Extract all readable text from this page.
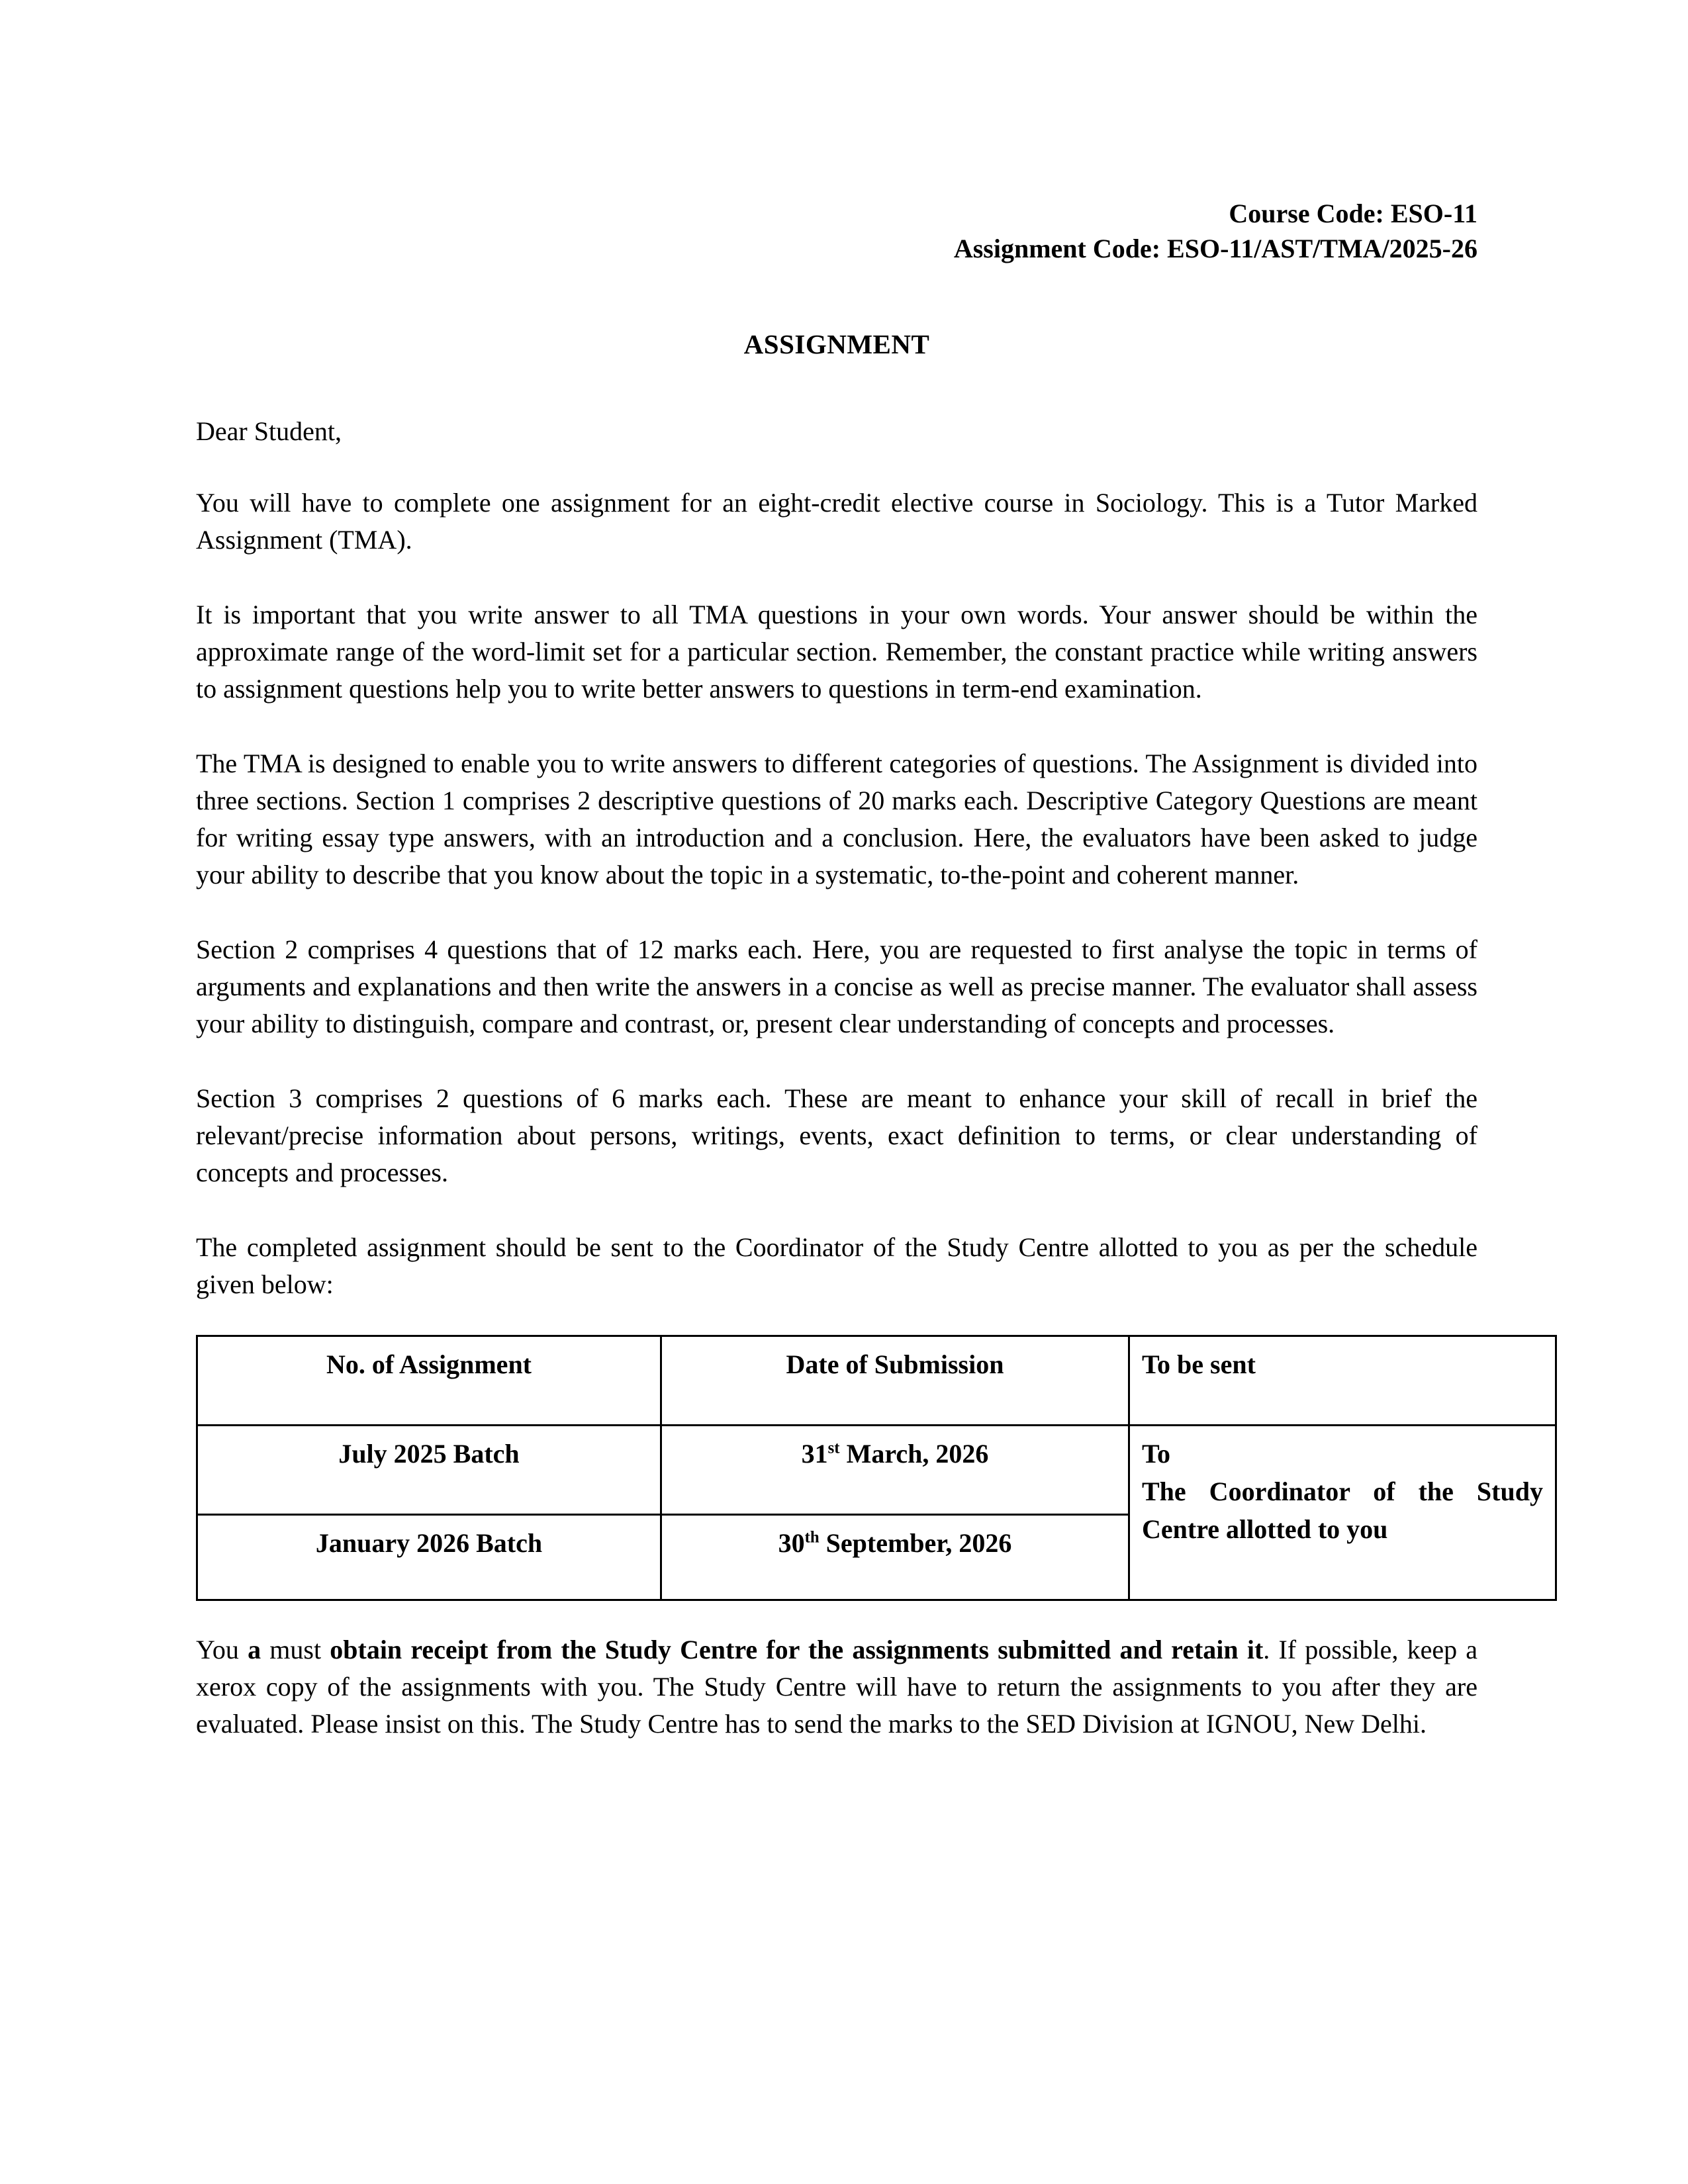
Course Code: ESO-11
Assignment Code: ESO-11/AST/TMA/2025-26
ASSIGNMENT
Dear Student,

You will have to complete one assignment for an eight-credit elective course in Sociology. This is a Tutor Marked Assignment (TMA).

It is important that you write answer to all TMA questions in your own words. Your answer should be within the approximate range of the word-limit set for a particular section. Remember, the constant practice while writing answers to assignment questions help you to write better answers to questions in term-end examination.

The TMA is designed to enable you to write answers to different categories of questions. The Assignment is divided into three sections. Section 1 comprises 2 descriptive questions of 20 marks each. Descriptive Category Questions are meant for writing essay type answers, with an introduction and a conclusion. Here, the evaluators have been asked to judge your ability to describe that you know about the topic in a systematic, to-the-point and coherent manner.

Section 2 comprises 4 questions that of 12 marks each. Here, you are requested to first analyse the topic in terms of arguments and explanations and then write the answers in a concise as well as precise manner. The evaluator shall assess your ability to distinguish, compare and contrast, or, present clear understanding of concepts and processes.

Section 3 comprises 2 questions of 6 marks each. These are meant to enhance your skill of recall in brief the relevant/precise information about persons, writings, events, exact definition to terms, or clear understanding of concepts and processes.

The completed assignment should be sent to the Coordinator of the Study Centre allotted to you as per the schedule given below:

No. of Assignment	Date of Submission	To be sent
July 2025 Batch	31st March, 2026	To
The Coordinator of the Study Centre allotted to you
January 2026 Batch	30th September, 2026	

You a must obtain receipt from the Study Centre for the assignments submitted and retain it. If possible, keep a xerox copy of the assignments with you. The Study Centre will have to return the assignments to you after they are evaluated. Please insist on this. The Study Centre has to send the marks to the SED Division at IGNOU, New Delhi.
